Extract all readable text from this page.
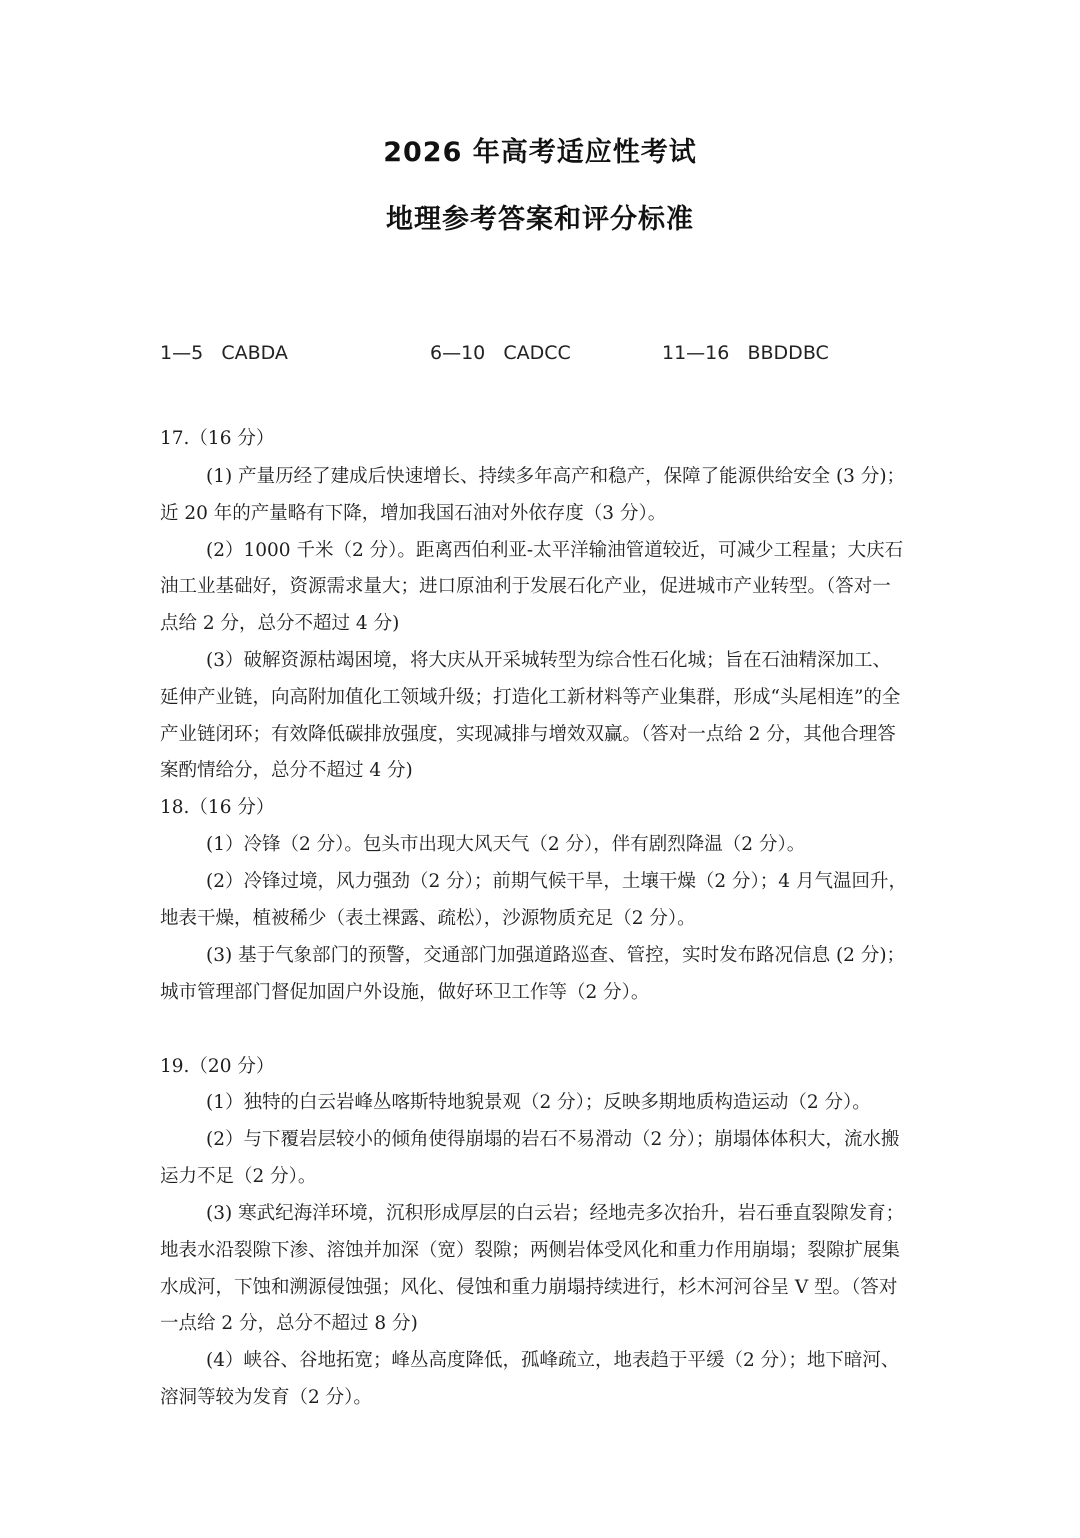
2026 年高考适应性考试
地理参考答案和评分标准
1—5 CABDA	6—10 CADCC	11—16 BBDDBC
17.（16 分）
(1) 产量历经了建成后快速增长、持续多年高产和稳产，保障了能源供给安全 (3 分)；
近 20 年的产量略有下降，增加我国石油对外依存度（3 分）。
(2）1000 千米（2 分）。距离西伯利亚-太平洋输油管道较近，可减少工程量；大庆石
油工业基础好，资源需求量大；进口原油利于发展石化产业，促进城市产业转型。（答对一
点给 2 分，总分不超过 4 分)
(3）破解资源枯竭困境，将大庆从开采城转型为综合性石化城；旨在石油精深加工、
延伸产业链，向高附加值化工领域升级；打造化工新材料等产业集群，形成“头尾相连”的全
产业链闭环；有效降低碳排放强度，实现减排与增效双赢。（答对一点给 2 分，其他合理答
案酌情给分，总分不超过 4 分)
18.（16 分）
(1）冷锋（2 分）。包头市出现大风天气（2 分），伴有剧烈降温（2 分）。
(2）冷锋过境，风力强劲（2 分）；前期气候干旱，土壤干燥（2 分）；4 月气温回升，
地表干燥，植被稀少（表土裸露、疏松），沙源物质充足（2 分）。
(3) 基于气象部门的预警，交通部门加强道路巡查、管控，实时发布路况信息 (2 分)；
城市管理部门督促加固户外设施，做好环卫工作等（2 分）。
19.（20 分）
(1）独特的白云岩峰丛喀斯特地貌景观（2 分）；反映多期地质构造运动（2 分）。
(2）与下覆岩层较小的倾角使得崩塌的岩石不易滑动（2 分）；崩塌体体积大，流水搬
运力不足（2 分）。
(3) 寒武纪海洋环境，沉积形成厚层的白云岩；经地壳多次抬升，岩石垂直裂隙发育；
地表水沿裂隙下渗、溶蚀并加深（宽）裂隙；两侧岩体受风化和重力作用崩塌；裂隙扩展集
水成河，下蚀和溯源侵蚀强；风化、侵蚀和重力崩塌持续进行，杉木河河谷呈 V 型。（答对
一点给 2 分，总分不超过 8 分)
(4）峡谷、谷地拓宽；峰丛高度降低，孤峰疏立，地表趋于平缓（2 分）；地下暗河、
溶洞等较为发育（2 分）。
